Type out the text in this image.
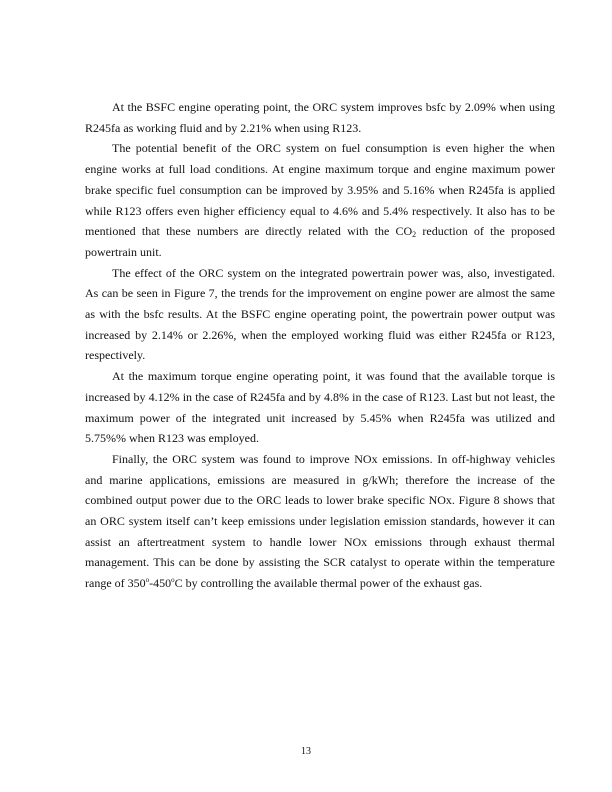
At the BSFC engine operating point, the ORC system improves bsfc by 2.09% when using R245fa as working fluid and by 2.21% when using R123.

The potential benefit of the ORC system on fuel consumption is even higher the when engine works at full load conditions. At engine maximum torque and engine maximum power brake specific fuel consumption can be improved by 3.95% and 5.16% when R245fa is applied while R123 offers even higher efficiency equal to 4.6% and 5.4% respectively. It also has to be mentioned that these numbers are directly related with the $CO_2$ reduction of the proposed powertrain unit.

The effect of the ORC system on the integrated powertrain power was, also, investigated. As can be seen in Figure 7, the trends for the improvement on engine power are almost the same as with the bsfc results. At the BSFC engine operating point, the powertrain power output was increased by 2.14% or 2.26%, when the employed working fluid was either R245fa or R123, respectively.

At the maximum torque engine operating point, it was found that the available torque is increased by 4.12% in the case of R245fa and by 4.8% in the case of R123. Last but not least, the maximum power of the integrated unit increased by 5.45% when R245fa was utilized and 5.75%% when R123 was employed.

Finally, the ORC system was found to improve NOx emissions. In off-highway vehicles and marine applications, emissions are measured in g/kWh; therefore the increase of the combined output power due to the ORC leads to lower brake specific NOx. Figure 8 shows that an ORC system itself can’t keep emissions under legislation emission standards, however it can assist an aftertreatment system to handle lower NOx emissions through exhaust thermal management. This can be done by assisting the SCR catalyst to operate within the temperature range of 350$^o$-450$^o$C by controlling the available thermal power of the exhaust gas.

13
